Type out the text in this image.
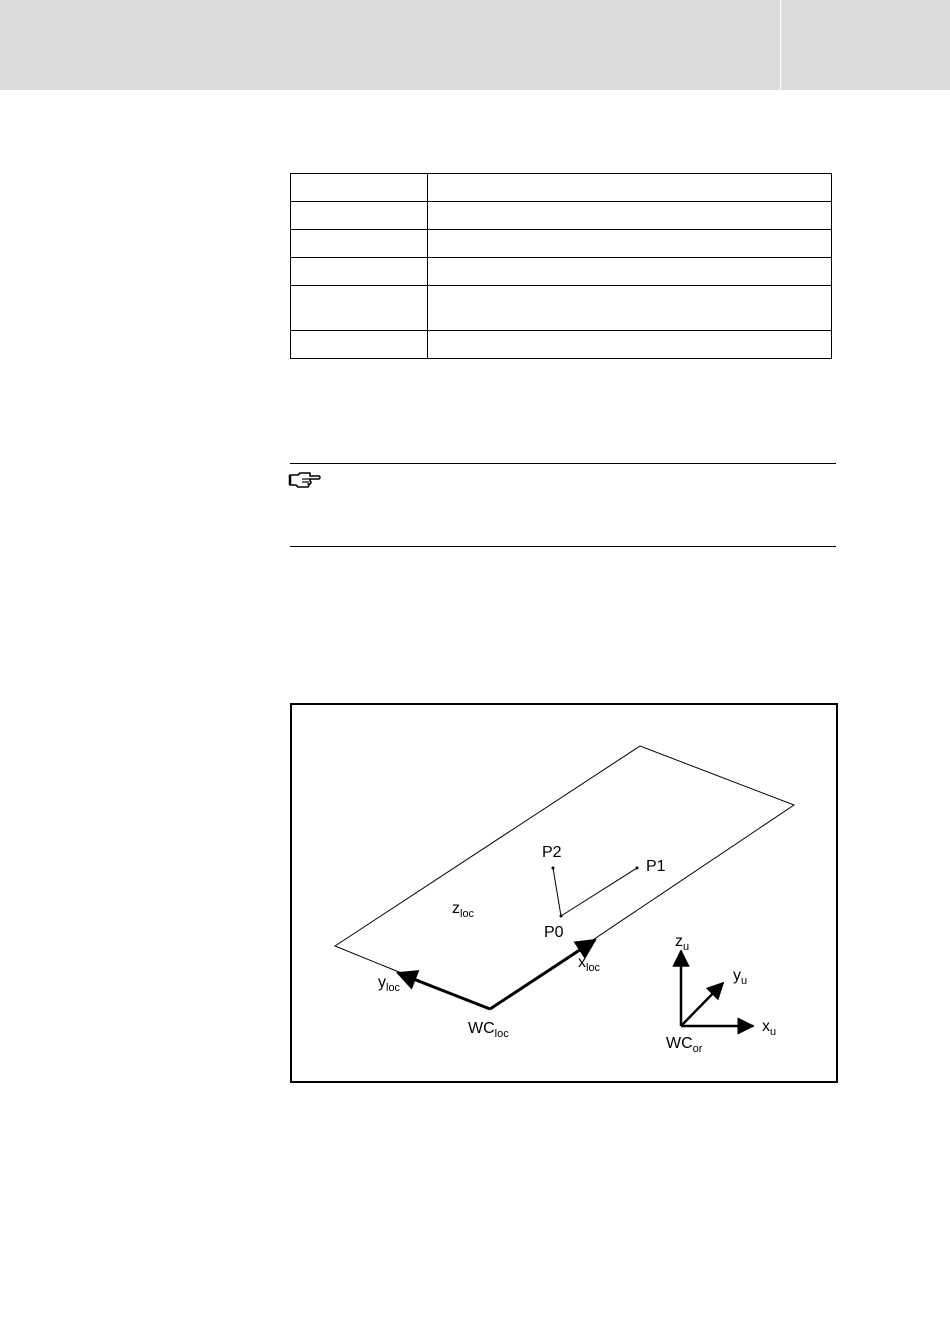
P2
P1
P0
$z_{loc}$
$y_{loc}$
$x_{loc}$
$WC_{loc}$
$z_u$
$y_u$
$x_u$
$WC_{or}$
